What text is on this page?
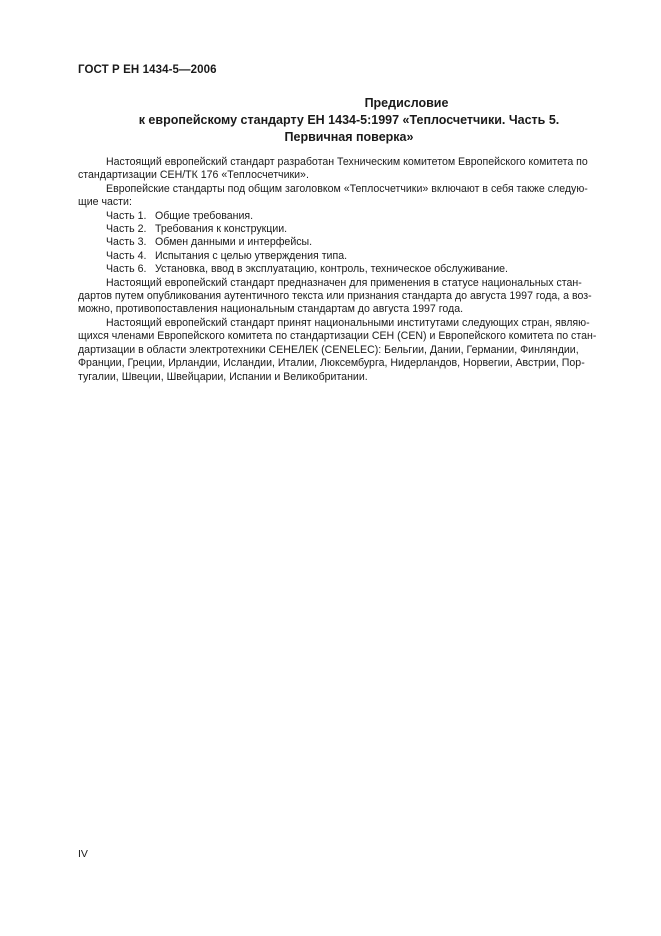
ГОСТ Р ЕН 1434-5—2006
Предисловие
к европейскому стандарту ЕН 1434-5:1997 «Теплосчетчики. Часть 5.
Первичная поверка»

Настоящий европейский стандарт разработан Техническим комитетом Европейского комитета по

стандартизации СЕН/ТК 176 «Теплосчетчики».

Европейские стандарты под общим заголовком «Теплосчетчики» включают в себя также следую-

щие части:

Часть 1. Общие требования.

Часть 2. Требования к конструкции.

Часть 3. Обмен данными и интерфейсы.

Часть 4. Испытания с целью утверждения типа.

Часть 6. Установка, ввод в эксплуатацию, контроль, техническое обслуживание.

Настоящий европейский стандарт предназначен для применения в статусе национальных стан-

дартов путем опубликования аутентичного текста или признания стандарта до августа 1997 года, а воз-

можно, противопоставления национальным стандартам до августа 1997 года.

Настоящий европейский стандарт принят национальными институтами следующих стран, являю-

щихся членами Европейского комитета по стандартизации СЕН (CEN) и Европейского комитета по стан-

дартизации в области электротехники СЕНЕЛЕК (CENELEC): Бельгии, Дании, Германии, Финляндии,

Франции, Греции, Ирландии, Исландии, Италии, Люксембурга, Нидерландов, Норвегии, Австрии, Пор-

тугалии, Швеции, Швейцарии, Испании и Великобритании.

IV
